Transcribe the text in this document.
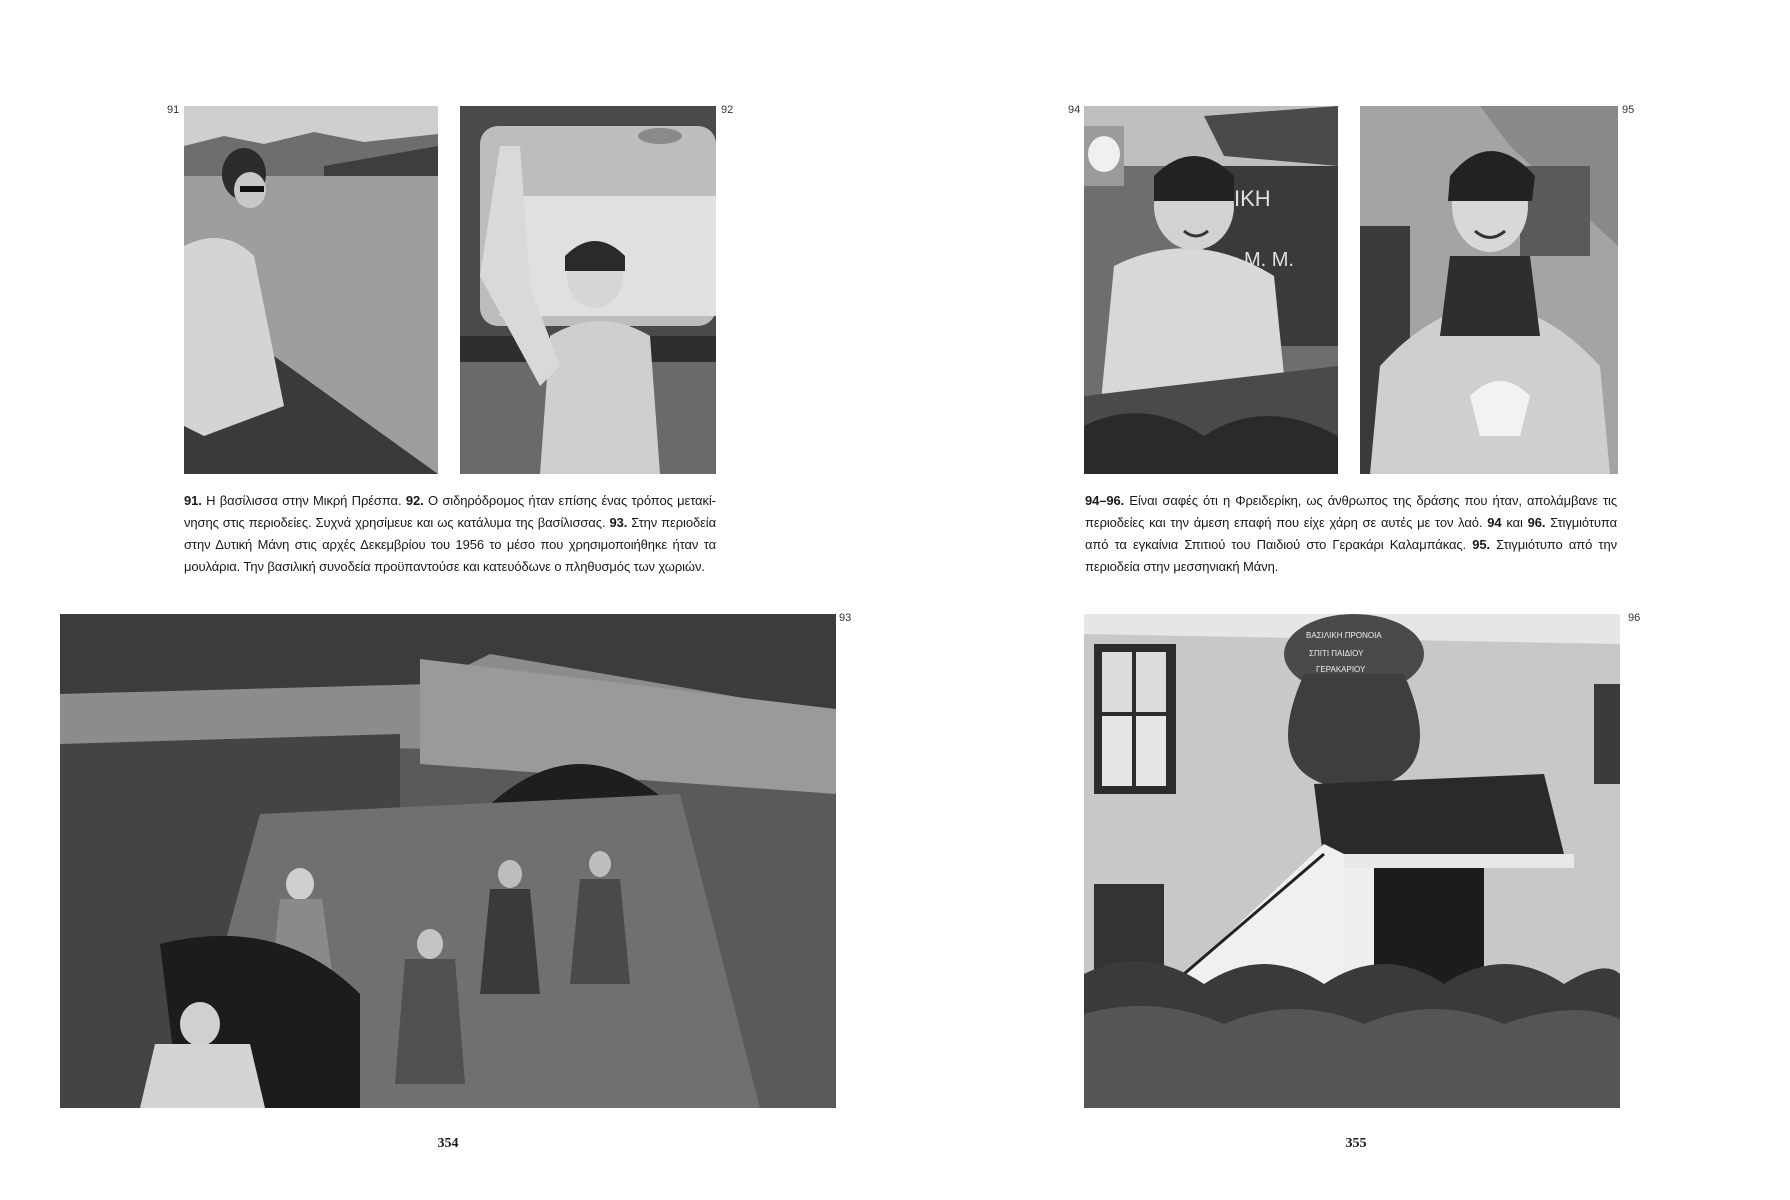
91	92

91. Η βασίλισσα στην Μικρή Πρέσπα. 92. Ο σιδηρόδρομος ήταν επίσης ένας τρόπος μετακίνησης στις περιοδείες. Συχνά χρησίμευε και ως κατάλυμα της βασίλισσας. 93. Στην περιοδεία στην Δυτική Μάνη στις αρχές Δεκεμβρίου του 1956 το μέσο που χρησιμοποιήθηκε ήταν τα μουλάρια. Την βασιλική συνοδεία προϋπαντούσε και κατευόδωνε ο πληθυσμός των χωριών.

93
354
94	95
ΙΚΗ
Μ. Μ.

94–96. Είναι σαφές ότι η Φρειδερίκη, ως άνθρωπος της δράσης που ήταν, απολάμβανε τις περιοδείες και την άμεση επαφή που είχε χάρη σε αυτές με τον λαό. 94 και 96. Στιγμιότυπα από τα εγκαίνια Σπιτιού του Παιδιού στο Γερακάρι Καλαμπάκας. 95. Στιγμιότυπο από την περιοδεία στην μεσσηνιακή Μάνη.

96
ΒΑΣΙΛΙΚΗ ΠΡΟΝΟΙΑ
ΣΠΙΤΙ ΠΑΙΔΙΟΥ
ΓΕΡΑΚΑΡΙΟΥ
355
